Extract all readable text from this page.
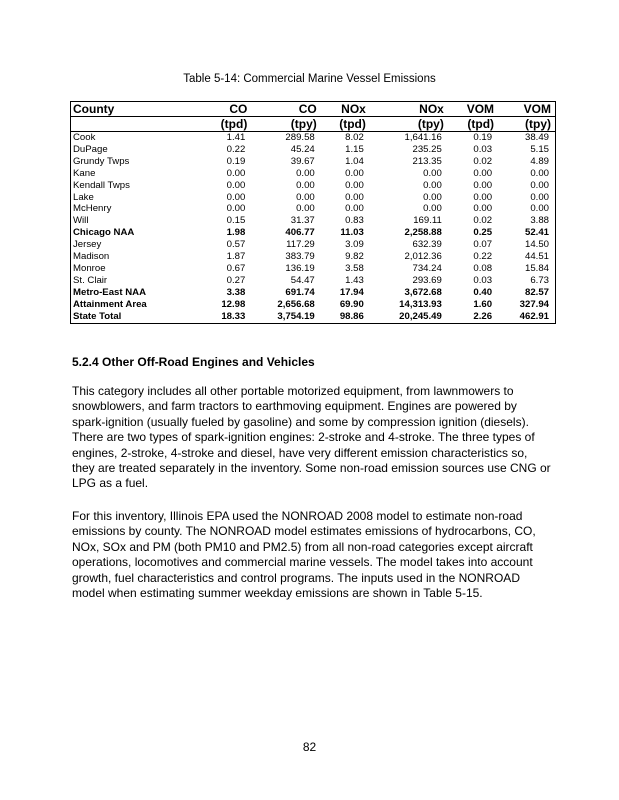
Table 5-14: Commercial Marine Vessel Emissions
County	CO	CO	NOx	NOx	VOM	VOM
	(tpd)	(tpy)	(tpd)	(tpy)	(tpd)	(tpy)
Cook	1.41	289.58	8.02	1,641.16	0.19	38.49
DuPage	0.22	45.24	1.15	235.25	0.03	5.15
Grundy Twps	0.19	39.67	1.04	213.35	0.02	4.89
Kane	0.00	0.00	0.00	0.00	0.00	0.00
Kendall Twps	0.00	0.00	0.00	0.00	0.00	0.00
Lake	0.00	0.00	0.00	0.00	0.00	0.00
McHenry	0.00	0.00	0.00	0.00	0.00	0.00
Will	0.15	31.37	0.83	169.11	0.02	3.88
Chicago NAA	1.98	406.77	11.03	2,258.88	0.25	52.41
Jersey	0.57	117.29	3.09	632.39	0.07	14.50
Madison	1.87	383.79	9.82	2,012.36	0.22	44.51
Monroe	0.67	136.19	3.58	734.24	0.08	15.84
St. Clair	0.27	54.47	1.43	293.69	0.03	6.73
Metro-East NAA	3.38	691.74	17.94	3,672.68	0.40	82.57
Attainment Area	12.98	2,656.68	69.90	14,313.93	1.60	327.94
State Total	18.33	3,754.19	98.86	20,245.49	2.26	462.91
5.2.4 Other Off-Road Engines and Vehicles
This category includes all other portable motorized equipment, from lawnmowers to snowblowers, and farm tractors to earthmoving equipment. Engines are powered by spark-ignition (usually fueled by gasoline) and some by compression ignition (diesels). There are two types of spark-ignition engines: 2-stroke and 4-stroke. The three types of engines, 2-stroke, 4-stroke and diesel, have very different emission characteristics so, they are treated separately in the inventory. Some non-road emission sources use CNG or LPG as a fuel.
For this inventory, Illinois EPA used the NONROAD 2008 model to estimate non-road emissions by county. The NONROAD model estimates emissions of hydrocarbons, CO, NOx, SOx and PM (both PM10 and PM2.5) from all non-road categories except aircraft operations, locomotives and commercial marine vessels. The model takes into account growth, fuel characteristics and control programs. The inputs used in the NONROAD model when estimating summer weekday emissions are shown in Table 5-15.
82
